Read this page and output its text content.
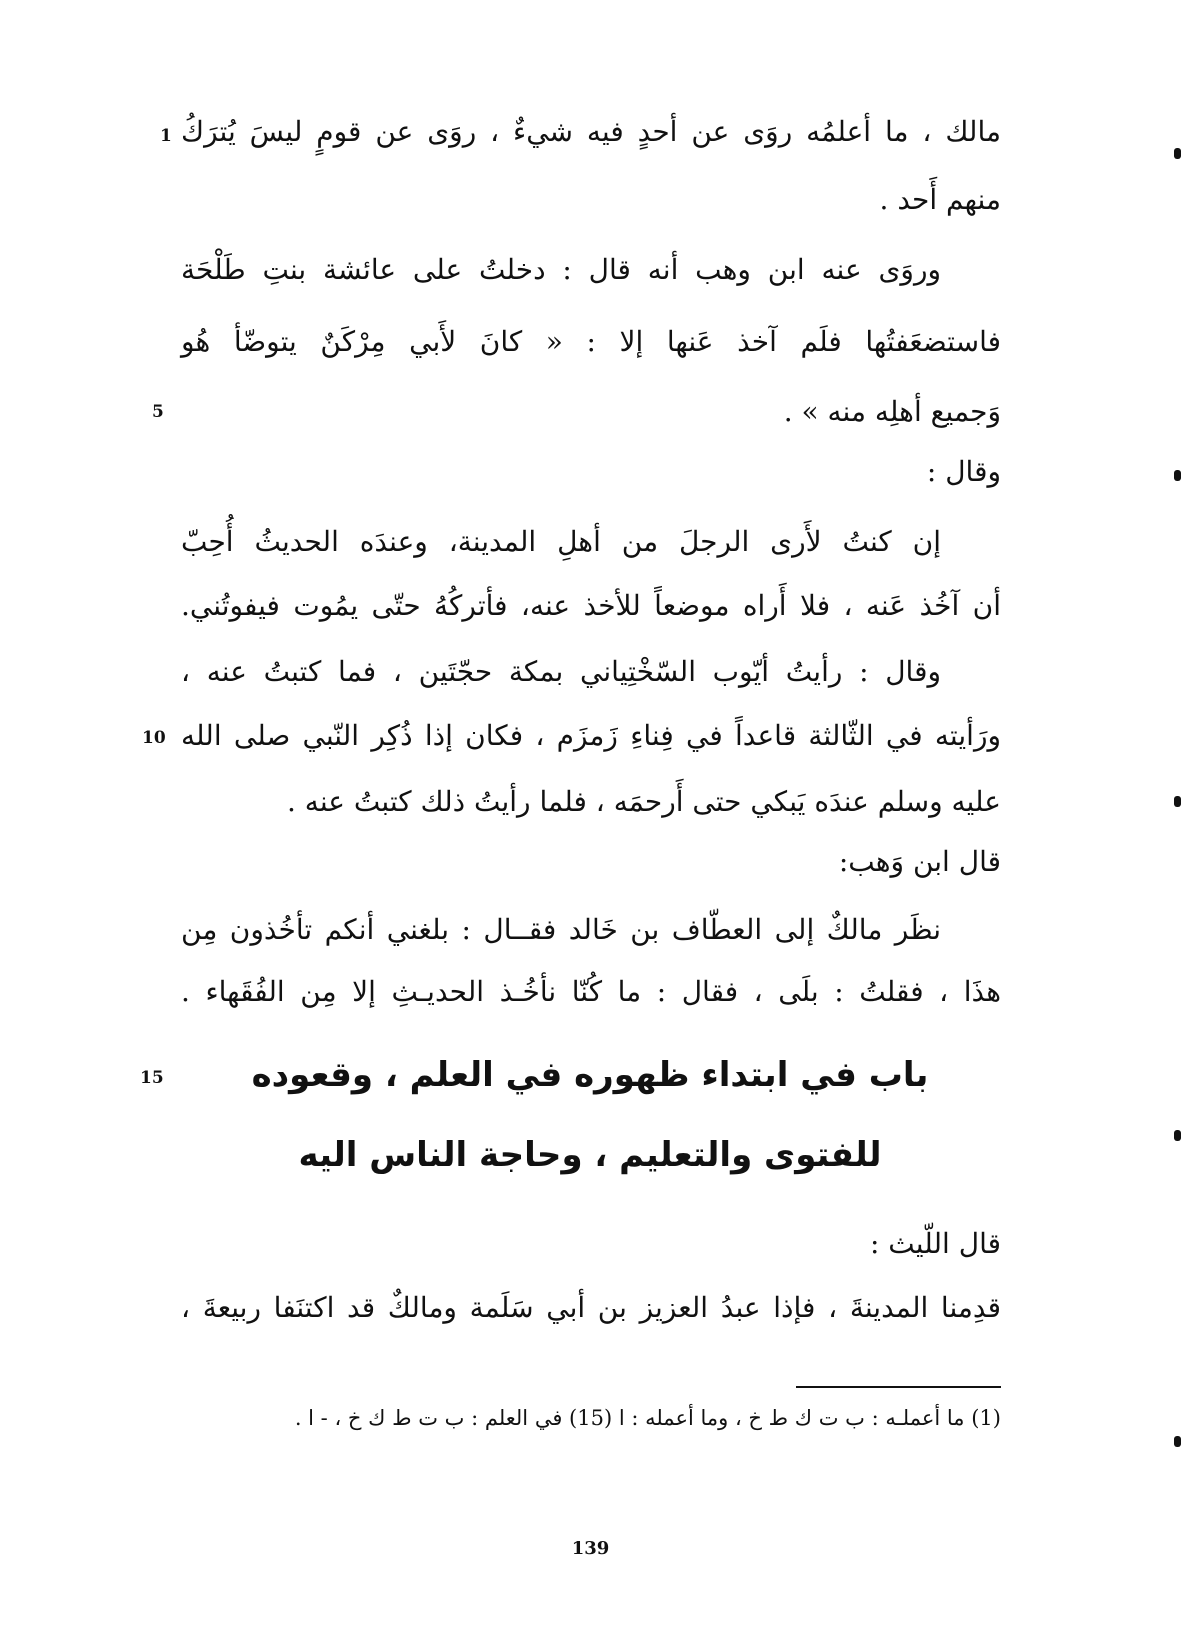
مالك ، ما أعلمُه روَى عن أحدٍ فيه شيءٌ ، روَى عن قومٍ ليسَ يُترَكُ
منهم أَحد .
وروَى عنه ابن وهب أنه قال : دخلتُ على عائشة بنتِ طَلْحَة
فاستضعَفتُها فلَم آخذ عَنها إلا : « كانَ لأَبي مِرْكَنٌ يتوضّأ هُو
وَجميع أهلِه منه » .
وقال :
إن كنتُ لأَرى الرجلَ من أهلِ المدينة، وعندَه الحديثُ أُحِبّ
أن آخُذ عَنه ، فلا أَراه موضعاً للأخذ عنه، فأتركُهُ حتّى يمُوت فيفوتُني.
وقال : رأيتُ أيّوب السّخْتِياني بمكة حجّتَين ، فما كتبتُ عنه ،
ورَأيته في الثّالثة قاعداً في فِناءِ زَمزَم ، فكان إذا ذُكِر النّبي صلى الله
عليه وسلم عندَه يَبكي حتى أَرحمَه ، فلما رأيتُ ذلك كتبتُ عنه .
قال ابن وَهب:
نظَر مالكٌ إلى العطّاف بن خَالد فقــال : بلغني أنكم تأخُذون مِن
هذَا ، فقلتُ : بلَى ، فقال : ما كُنّا نأخُـذ الحديـثِ إلا مِن الفُقَهاء .
باب في ابتداء ظهوره في العلم ، وقعوده
للفتوى والتعليم ، وحاجة الناس اليه
قال اللّيث :
قدِمنا المدينةَ ، فإذا عبدُ العزيز بن أبي سَلَمة ومالكٌ قد اكتنَفا ربيعةَ ،
1
5
10
15
(1) ما أعملـه : ب ت ك ط خ ، وما أعمله : ا (15) في العلم : ب ت ط ك خ ، - ا .
139
